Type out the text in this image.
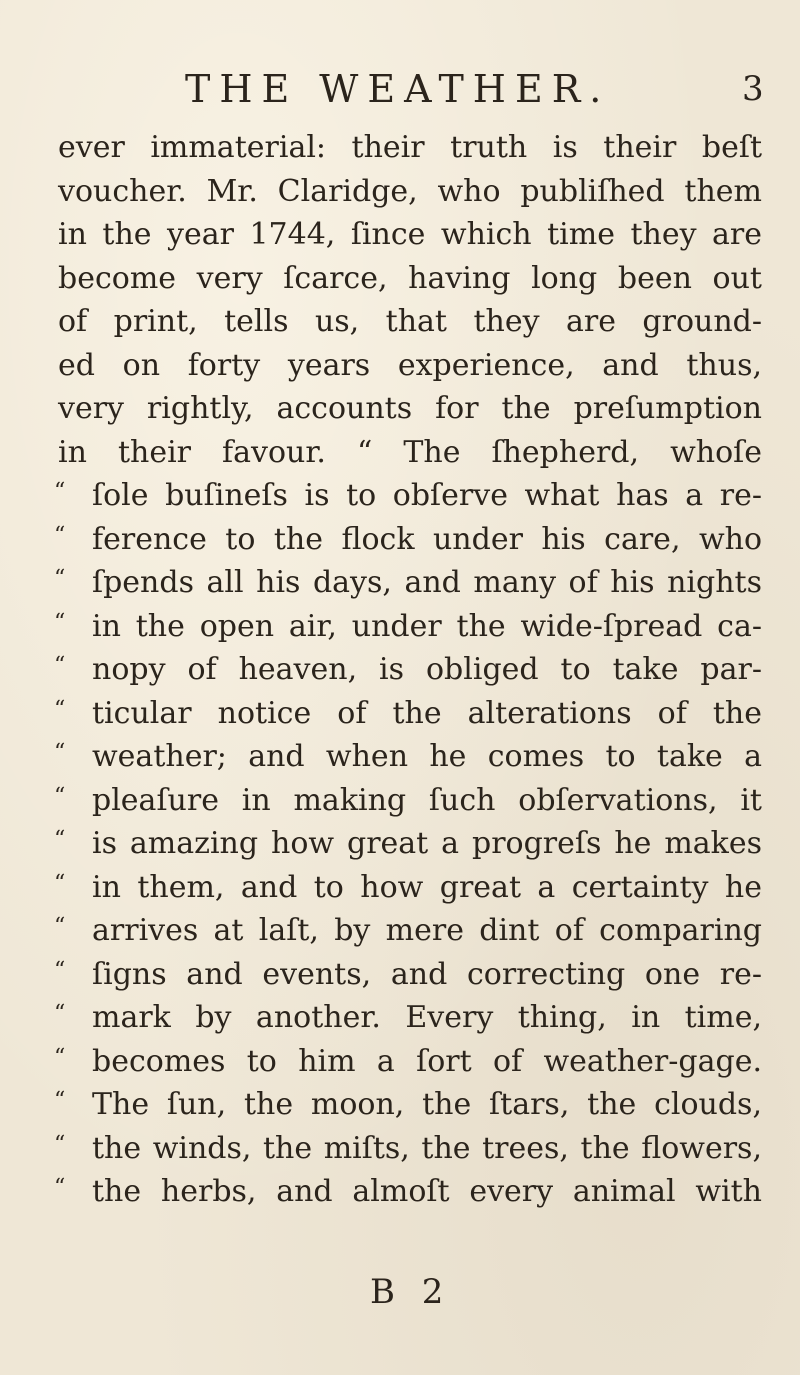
THE WEATHER.	3
ever immaterial: their truth is their beſt
voucher. Mr. Claridge, who publiſhed them
in the year 1744, ſince which time they are
become very ſcarce, having long been out
of print, tells us, that they are ground-
ed on forty years experience, and thus,
very rightly, accounts for the preſumption
in their favour. “ The ſhepherd, whoſe
“ ſole buſineſs is to obſerve what has a re-
“ ference to the flock under his care, who
“ ſpends all his days, and many of his nights
“ in the open air, under the wide-ſpread ca-
“ nopy of heaven, is obliged to take par-
“ ticular notice of the alterations of the
“ weather; and when he comes to take a
“ pleaſure in making ſuch obſervations, it
“ is amazing how great a progreſs he makes
“ in them, and to how great a certainty he
“ arrives at laſt, by mere dint of comparing
“ ſigns and events, and correcting one re-
“ mark by another. Every thing, in time,
“ becomes to him a ſort of weather-gage.
“ The ſun, the moon, the ſtars, the clouds,
“ the winds, the miſts, the trees, the flowers,
“ the herbs, and almoſt every animal with
B 2
